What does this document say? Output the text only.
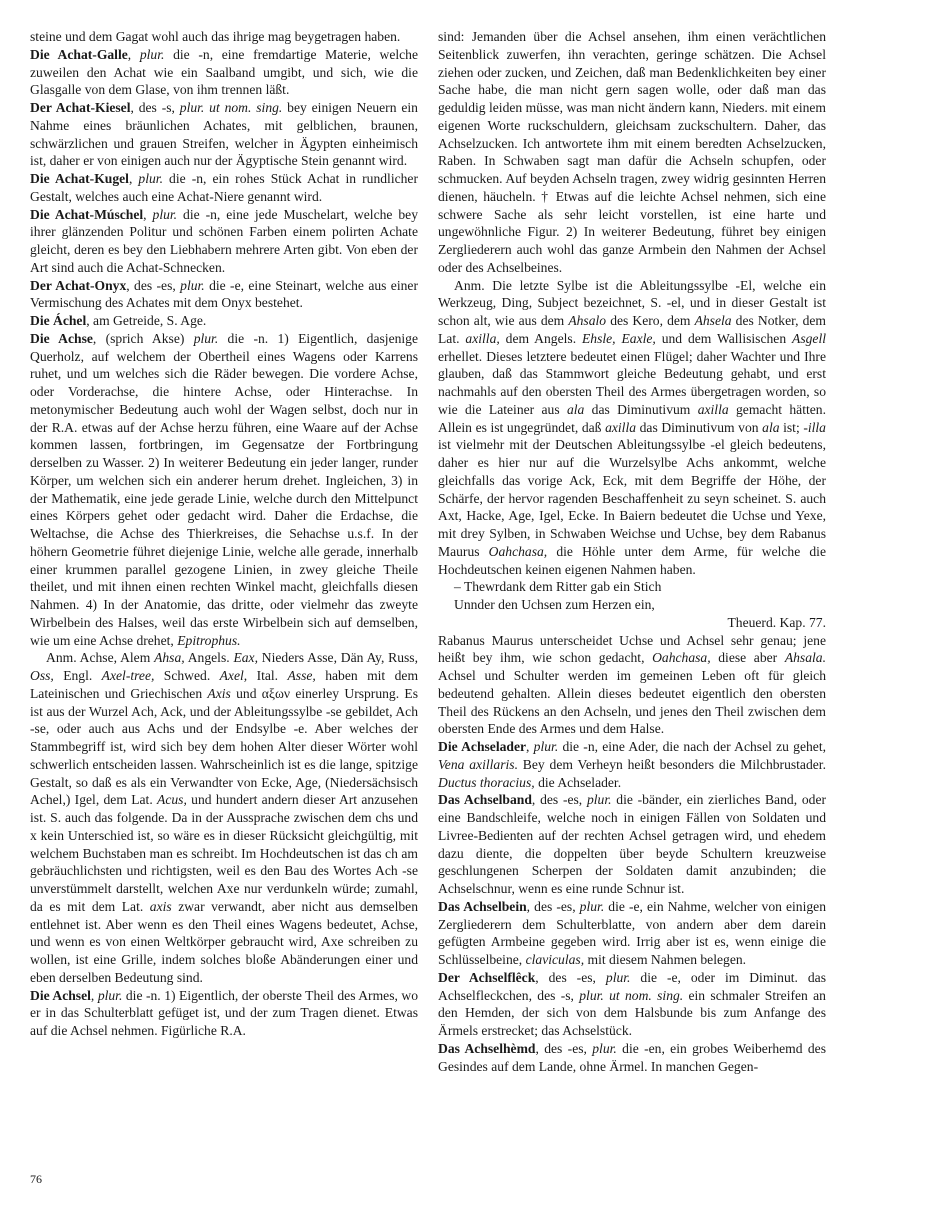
steine und dem Gagat wohl auch das ihrige mag beygetragen haben.

Die Achat-Galle, plur. die -n, eine fremdartige Materie, welche zuweilen den Achat wie ein Saalband umgibt, und sich, wie die Glasgalle von dem Glase, von ihm trennen läßt.

Der Achat-Kiesel, des -s, plur. ut nom. sing. bey einigen Neuern ein Nahme eines bräunlichen Achates, mit gelblichen, braunen, schwärzlichen und grauen Streifen, welcher in Ägypten einheimisch ist, daher er von einigen auch nur der Ägyptische Stein genannt wird.

Die Achat-Kugel, plur. die -n, ein rohes Stück Achat in rundlicher Gestalt, welches auch eine Achat-Niere genannt wird.

Die Achat-Múschel, plur. die -n, eine jede Muschelart, welche bey ihrer glänzenden Politur und schönen Farben einem polirten Achate gleicht, deren es bey den Liebhabern mehrere Arten gibt. Von eben der Art sind auch die Achat-Schnecken.

Der Achat-Onyx, des -es, plur. die -e, eine Steinart, welche aus einer Vermischung des Achates mit dem Onyx bestehet.

Die Áchel, am Getreide, S. Age.

Die Achse, (sprich Akse) plur. die -n. 1) Eigentlich, dasjenige Querholz, auf welchem der Obertheil eines Wagens oder Karrens ruhet, und um welches sich die Räder bewegen. Die vordere Achse, oder Vorderachse, die hintere Achse, oder Hinterachse. In metonymischer Bedeutung auch wohl der Wagen selbst, doch nur in der R.A. etwas auf der Achse herzu führen, eine Waare auf der Achse kommen lassen, fortbringen, im Gegensatze der Fortbringung derselben zu Wasser. 2) In weiterer Bedeutung ein jeder langer, runder Körper, um welchen sich ein anderer herum drehet. Ingleichen, 3) in der Mathematik, eine jede gerade Linie, welche durch den Mittelpunct eines Körpers gehet oder gedacht wird. Daher die Erdachse, die Weltachse, die Achse des Thierkreises, die Sehachse u.s.f. In der höhern Geometrie führet diejenige Linie, welche alle gerade, innerhalb einer krummen parallel gezogene Linien, in zwey gleiche Theile theilet, und mit ihnen einen rechten Winkel macht, gleichfalls diesen Nahmen. 4) In der Anatomie, das dritte, oder vielmehr das zweyte Wirbelbein des Halses, weil das erste Wirbelbein sich auf demselben, wie um eine Achse drehet, Epitrophus.

Anm. Achse, Alem Ahsa, Angels. Eax, Nieders Asse, Dän Ay, Russ, Oss, Engl. Axel-tree, Schwed. Axel, Ital. Asse, haben mit dem Lateinischen und Griechischen Axis und αξων einerley Ursprung. Es ist aus der Wurzel Ach, Ack, und der Ableitungssylbe -se gebildet, Ach -se, oder auch aus Achs und der Endsylbe -e. Aber welches der Stammbegriff ist, wird sich bey dem hohen Alter dieser Wörter wohl schwerlich entscheiden lassen. Wahrscheinlich ist es die lange, spitzige Gestalt, so daß es als ein Verwandter von Ecke, Age, (Niedersächsisch Achel,) Igel, dem Lat. Acus, und hundert andern dieser Art anzusehen ist. S. auch das folgende. Da in der Aussprache zwischen dem chs und x kein Unterschied ist, so wäre es in dieser Rücksicht gleichgültig, mit welchem Buchstaben man es schreibt. Im Hochdeutschen ist das ch am gebräuchlichsten und richtigsten, weil es den Bau des Wortes Ach -se unverstümmelt darstellt, welchen Axe nur verdunkeln würde; zumahl, da es mit dem Lat. axis zwar verwandt, aber nicht aus demselben entlehnet ist. Aber wenn es den Theil eines Wagens bedeutet, Achse, und wenn es von einen Weltkörper gebraucht wird, Axe schreiben zu wollen, ist eine Grille, indem solches bloße Abänderungen einer und eben derselben Bedeutung sind.

Die Achsel, plur. die -n. 1) Eigentlich, der oberste Theil des Armes, wo er in das Schulterblatt gefüget ist, und der zum Tragen dienet. Etwas auf die Achsel nehmen. Figürliche R.A.

sind: Jemanden über die Achsel ansehen, ihm einen verächtlichen Seitenblick zuwerfen, ihn verachten, geringe schätzen. Die Achsel ziehen oder zucken, und Zeichen, daß man Bedenklichkeiten bey einer Sache habe, die man nicht gern sagen wolle, oder daß man das geduldig leiden müsse, was man nicht ändern kann, Nieders. mit einem eigenen Worte ruckschuldern, gleichsam zuckschultern. Daher, das Achselzucken. Ich antwortete ihm mit einem beredten Achselzucken, Raben. In Schwaben sagt man dafür die Achseln schupfen, oder schmucken. Auf beyden Achseln tragen, zwey widrig gesinnten Herren dienen, häucheln. † Etwas auf die leichte Achsel nehmen, sich eine schwere Sache als sehr leicht vorstellen, ist eine harte und ungewöhnliche Figur. 2) In weiterer Bedeutung, führet bey einigen Zergliederern auch wohl das ganze Armbein den Nahmen der Achsel oder des Achselbeines.

Anm. Die letzte Sylbe ist die Ableitungssylbe -El, welche ein Werkzeug, Ding, Subject bezeichnet, S. -el, und in dieser Gestalt ist schon alt, wie aus dem Ahsalo des Kero, dem Ahsela des Notker, dem Lat. axilla, dem Angels. Ehsle, Eaxle, und dem Wallisischen Asgell erhellet. Dieses letztere bedeutet einen Flügel; daher Wachter und Ihre glauben, daß das Stammwort gleiche Bedeutung gehabt, und erst nachmahls auf den obersten Theil des Armes übergetragen worden, so wie die Lateiner aus ala das Diminutivum axilla gemacht hätten. Allein es ist ungegründet, daß axilla das Diminutivum von ala ist; -illa ist vielmehr mit der Deutschen Ableitungssylbe -el gleich bedeutens, daher es hier nur auf die Wurzelsylbe Achs ankommt, welche gleichfalls das vorige Ack, Eck, mit dem Begriffe der Höhe, der Schärfe, der hervor ragenden Beschaffenheit zu seyn scheinet. S. auch Axt, Hacke, Age, Igel, Ecke. In Baiern bedeutet die Uchse und Yexe, mit drey Sylben, in Schwaben Weichse und Uchse, bey dem Rabanus Maurus Oahchasa, die Höhle unter dem Arme, für welche die Hochdeutschen keinen eigenen Nahmen haben.

– Thewrdank dem Ritter gab ein Stich
Unnder den Uchsen zum Herzen ein,
Theuerd. Kap. 77.

Rabanus Maurus unterscheidet Uchse und Achsel sehr genau; jene heißt bey ihm, wie schon gedacht, Oahchasa, diese aber Ahsala. Achsel und Schulter werden im gemeinen Leben oft für gleich bedeutend gehalten. Allein dieses bedeutet eigentlich den obersten Theil des Rückens an den Achseln, und jenes den Theil zwischen dem obersten Ende des Armes und dem Halse.

Die Achselader, plur. die -n, eine Ader, die nach der Achsel zu gehet, Vena axillaris. Bey dem Verheyn heißt besonders die Milchbrustader. Ductus thoracius, die Achselader.

Das Achselband, des -es, plur. die -bänder, ein zierliches Band, oder eine Bandschleife, welche noch in einigen Fällen von Soldaten und Livree-Bedienten auf der rechten Achsel getragen wird, und ehedem dazu diente, die doppelten über beyde Schultern kreuzweise geschlungenen Scherpen der Soldaten damit anzubinden; die Achselschnur, wenn es eine runde Schnur ist.

Das Achselbein, des -es, plur. die -e, ein Nahme, welcher von einigen Zergliederern dem Schulterblatte, von andern aber dem darein gefügten Armbeine gegeben wird. Irrig aber ist es, wenn einige die Schlüsselbeine, claviculas, mit diesem Nahmen belegen.

Der Achselflêck, des -es, plur. die -e, oder im Diminut. das Achselfleckchen, des -s, plur. ut nom. sing. ein schmaler Streifen an den Hemden, der sich von dem Halsbunde bis zum Anfange des Ärmels erstrecket; das Achselstück.

Das Achselhèmd, des -es, plur. die -en, ein grobes Weiberhemd des Gesindes auf dem Lande, ohne Ärmel. In manchen Gegen-

76
